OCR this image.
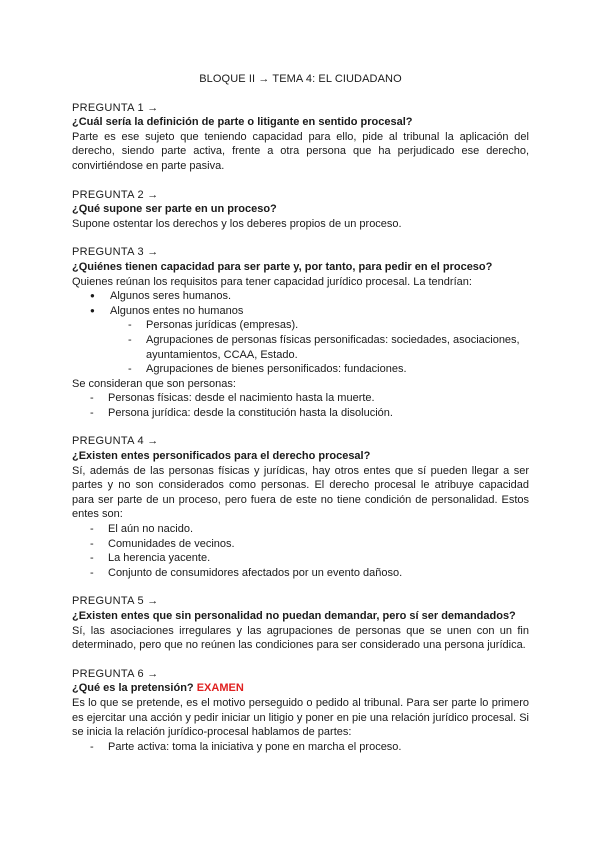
BLOQUE II → TEMA 4: EL CIUDADANO
PREGUNTA 1 →
¿Cuál sería la definición de parte o litigante en sentido procesal?
Parte es ese sujeto que teniendo capacidad para ello, pide al tribunal la aplicación del derecho, siendo parte activa, frente a otra persona que ha perjudicado ese derecho, convirtiéndose en parte pasiva.
PREGUNTA 2 →
¿Qué supone ser parte en un proceso?
Supone ostentar los derechos y los deberes propios de un proceso.
PREGUNTA 3 →
¿Quiénes tienen capacidad para ser parte y, por tanto, para pedir en el proceso?
Quienes reúnan los requisitos para tener capacidad jurídico procesal. La tendrían:
● Algunos seres humanos.
● Algunos entes no humanos
- Personas jurídicas (empresas).
- Agrupaciones de personas físicas personificadas: sociedades, asociaciones, ayuntamientos, CCAA, Estado.
- Agrupaciones de bienes personificados: fundaciones.
Se consideran que son personas:
- Personas físicas: desde el nacimiento hasta la muerte.
- Persona jurídica: desde la constitución hasta la disolución.
PREGUNTA 4 →
¿Existen entes personificados para el derecho procesal?
Sí, además de las personas físicas y jurídicas, hay otros entes que sí pueden llegar a ser partes y no son considerados como personas. El derecho procesal le atribuye capacidad para ser parte de un proceso, pero fuera de este no tiene condición de personalidad. Estos entes son:
- El aún no nacido.
- Comunidades de vecinos.
- La herencia yacente.
- Conjunto de consumidores afectados por un evento dañoso.
PREGUNTA 5 →
¿Existen entes que sin personalidad no puedan demandar, pero sí ser demandados?
Sí, las asociaciones irregulares y las agrupaciones de personas que se unen con un fin determinado, pero que no reúnen las condiciones para ser considerado una persona jurídica.
PREGUNTA 6 →
¿Qué es la pretensión? EXAMEN
Es lo que se pretende, es el motivo perseguido o pedido al tribunal. Para ser parte lo primero es ejercitar una acción y pedir iniciar un litigio y poner en pie una relación jurídico procesal. Si se inicia la relación jurídico-procesal hablamos de partes:
- Parte activa: toma la iniciativa y pone en marcha el proceso.
